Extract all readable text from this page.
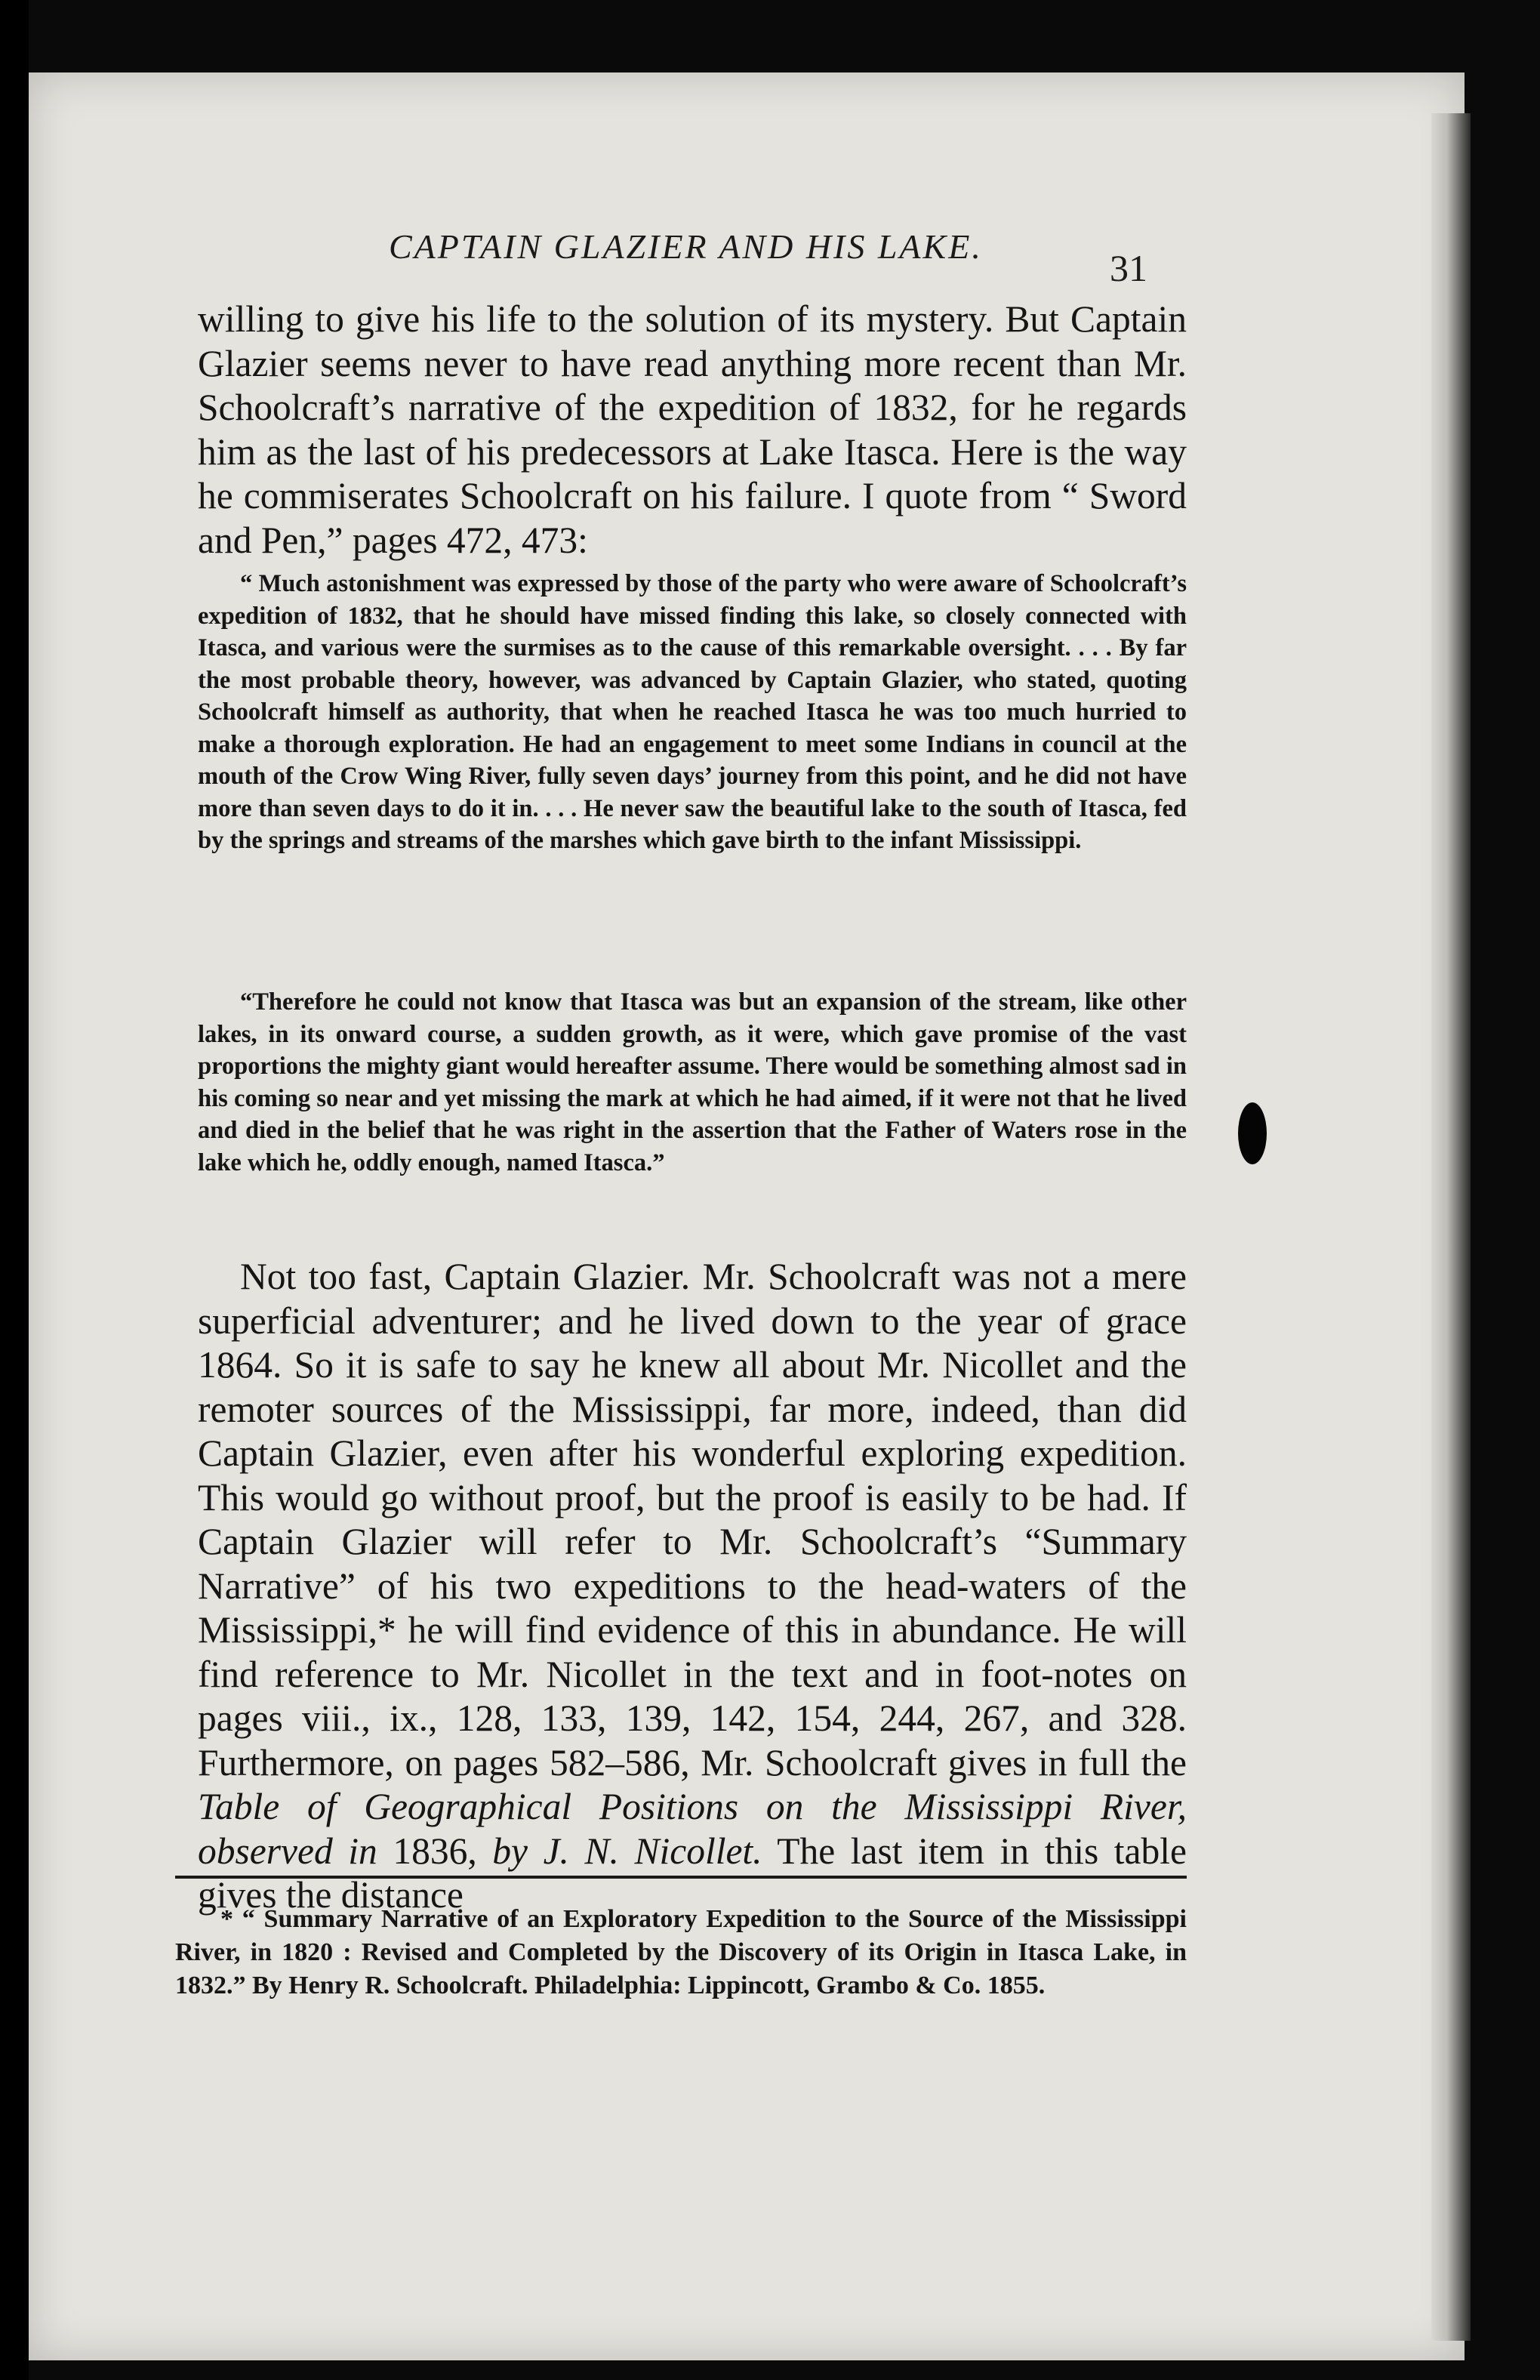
CAPTAIN GLAZIER AND HIS LAKE.
31

willing to give his life to the solution of its mystery. But Captain Glazier seems never to have read anything more recent than Mr. Schoolcraft’s narrative of the expedition of 1832, for he regards him as the last of his predecessors at Lake Itasca. Here is the way he commiserates Schoolcraft on his failure. I quote from “ Sword and Pen,” pages 472, 473:

“ Much astonishment was expressed by those of the party who were aware of Schoolcraft’s expedition of 1832, that he should have missed finding this lake, so closely connected with Itasca, and various were the surmises as to the cause of this remarkable oversight. . . . By far the most probable theory, however, was advanced by Captain Glazier, who stated, quoting Schoolcraft himself as authority, that when he reached Itasca he was too much hurried to make a thorough exploration. He had an engagement to meet some Indians in council at the mouth of the Crow Wing River, fully seven days’ journey from this point, and he did not have more than seven days to do it in. . . . He never saw the beautiful lake to the south of Itasca, fed by the springs and streams of the marshes which gave birth to the infant Mississippi.

“Therefore he could not know that Itasca was but an expansion of the stream, like other lakes, in its onward course, a sudden growth, as it were, which gave promise of the vast proportions the mighty giant would hereafter assume. There would be something almost sad in his coming so near and yet missing the mark at which he had aimed, if it were not that he lived and died in the belief that he was right in the assertion that the Father of Waters rose in the lake which he, oddly enough, named Itasca.”

Not too fast, Captain Glazier. Mr. Schoolcraft was not a mere superficial adventurer; and he lived down to the year of grace 1864. So it is safe to say he knew all about Mr. Nicollet and the remoter sources of the Mississippi, far more, indeed, than did Captain Glazier, even after his wonderful exploring expedition. This would go without proof, but the proof is easily to be had. If Captain Glazier will refer to Mr. Schoolcraft’s “Summary Narrative” of his two expeditions to the head-waters of the Mississippi,* he will find evidence of this in abundance. He will find reference to Mr. Nicollet in the text and in foot-notes on pages viii., ix., 128, 133, 139, 142, 154, 244, 267, and 328. Furthermore, on pages 582–586, Mr. Schoolcraft gives in full the Table of Geographical Positions on the Mississippi River, observed in 1836, by J. N. Nicollet. The last item in this table gives the distance

* “ Summary Narrative of an Exploratory Expedition to the Source of the Mississippi River, in 1820 : Revised and Completed by the Discovery of its Origin in Itasca Lake, in 1832.” By Henry R. Schoolcraft. Philadelphia: Lippincott, Grambo & Co. 1855.
